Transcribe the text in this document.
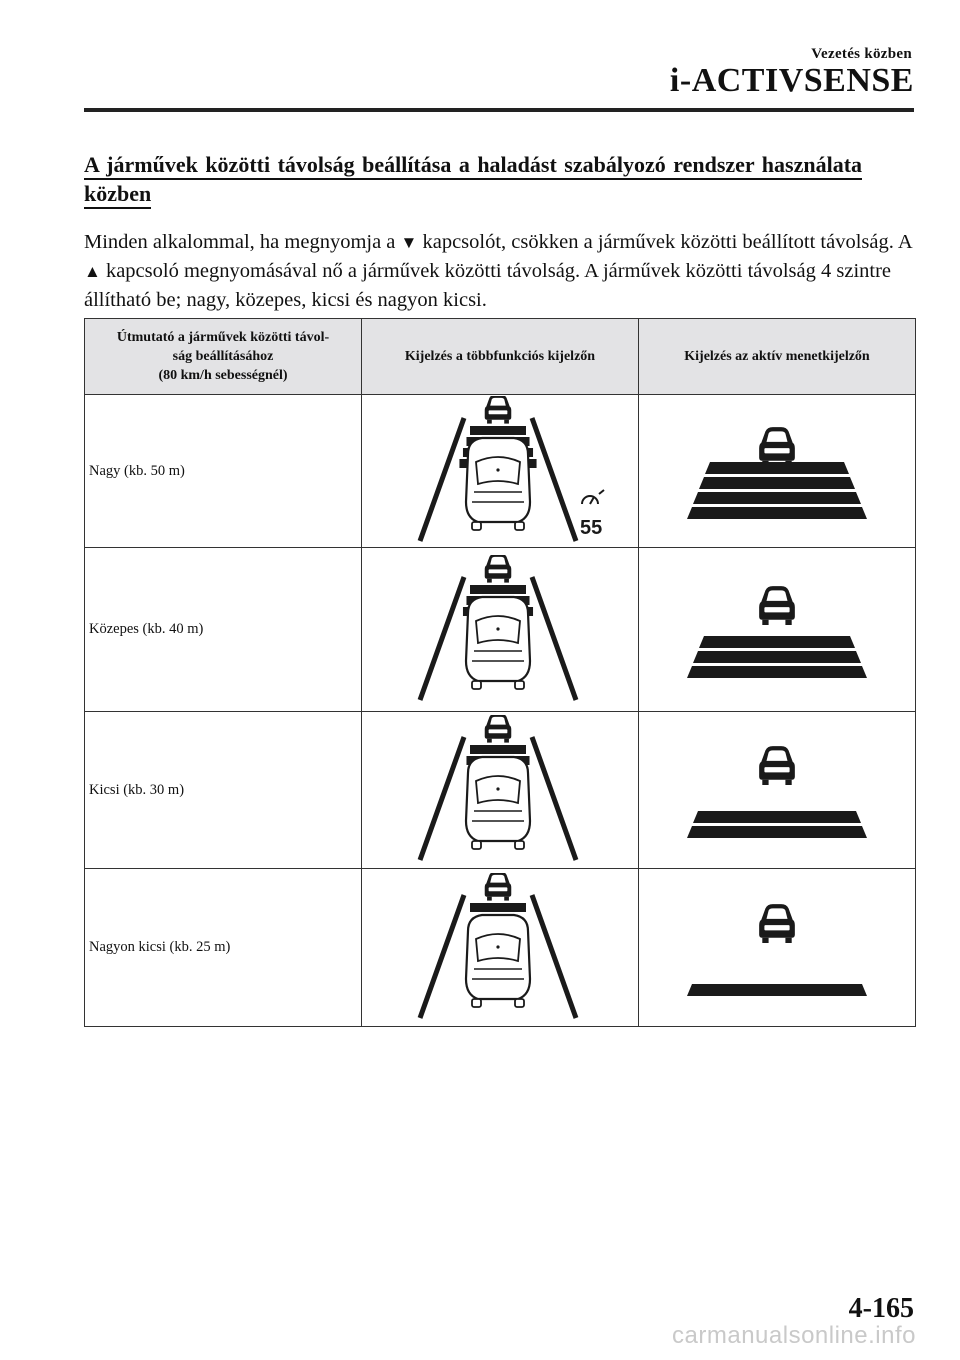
Vezetés közben
i-ACTIVSENSE
A járművek közötti távolság beállítása a haladást szabályozó rendszer használata
közben
Minden alkalommal, ha megnyomja a ▼ kapcsolót, csökken a járművek közötti beállított távolság. A ▲ kapcsoló megnyomásával nő a járművek közötti távolság. A járművek közötti távolság 4 szintre állítható be; nagy, közepes, kicsi és nagyon kicsi.
Útmutató a járművek közötti távol-
ság beállításához
(80 km/h sebességnél)	Kijelzés a többfunkciós kijelzőn	Kijelzés az aktív menetkijelzőn
Nagy (kb. 50 m)	55

Közepes (kb. 40 m)	

Kicsi (kb. 30 m)	

Nagyon kicsi (kb. 25 m)	

4-165
carmanualsonline.info
